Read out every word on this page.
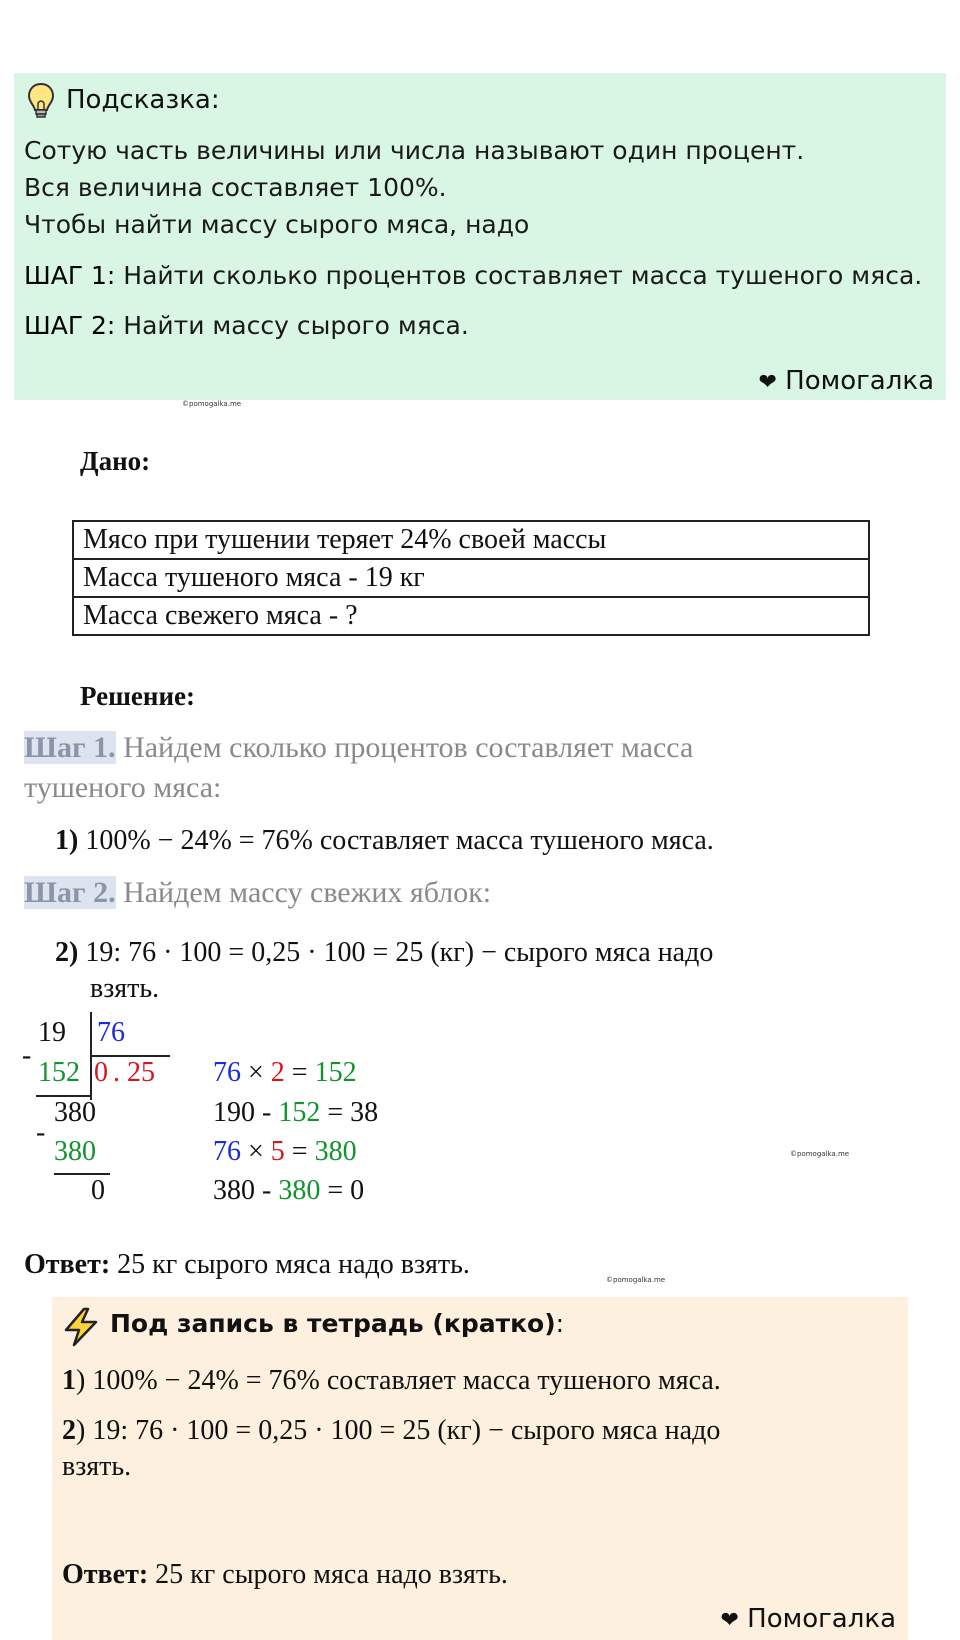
Подсказка:
Сотую часть величины или числа называют один процент.
Вся величина составляет 100%.
Чтобы найти массу сырого мяса, надо
ШАГ 1: Найти сколько процентов составляет масса тушеного мяса.
ШАГ 2: Найти массу сырого мяса.
❤ Помогалка
©pomogalka.me
Дано:
Мясо при тушении теряет 24% своей массы
Масса тушеного мяса - 19 кг
Масса свежего мяса - ?
Решение:
Шаг 1. Найдем сколько процентов составляет масса
тушеного мяса:
1) 100% − 24% = 76% составляет масса тушеного мяса.
Шаг 2. Найдем массу свежих яблок:
2) 19: 76 · 100 = 0,25 · 100 = 25 (кг) − сырого мяса надо
взять.
19 76
-
152 0 . 25
380
-
380
0
76 × 2 = 152
190 - 152 = 38
76 × 5 = 380
380 - 380 = 0
©pomogalka.me
Ответ: 25 кг сырого мяса надо взять.	©pomogalka.me
Под запись в тетрадь (кратко):
1) 100% − 24% = 76% составляет масса тушеного мяса.
2) 19: 76 · 100 = 0,25 · 100 = 25 (кг) − сырого мяса надо
взять.
Ответ: 25 кг сырого мяса надо взять.
❤ Помогалка
